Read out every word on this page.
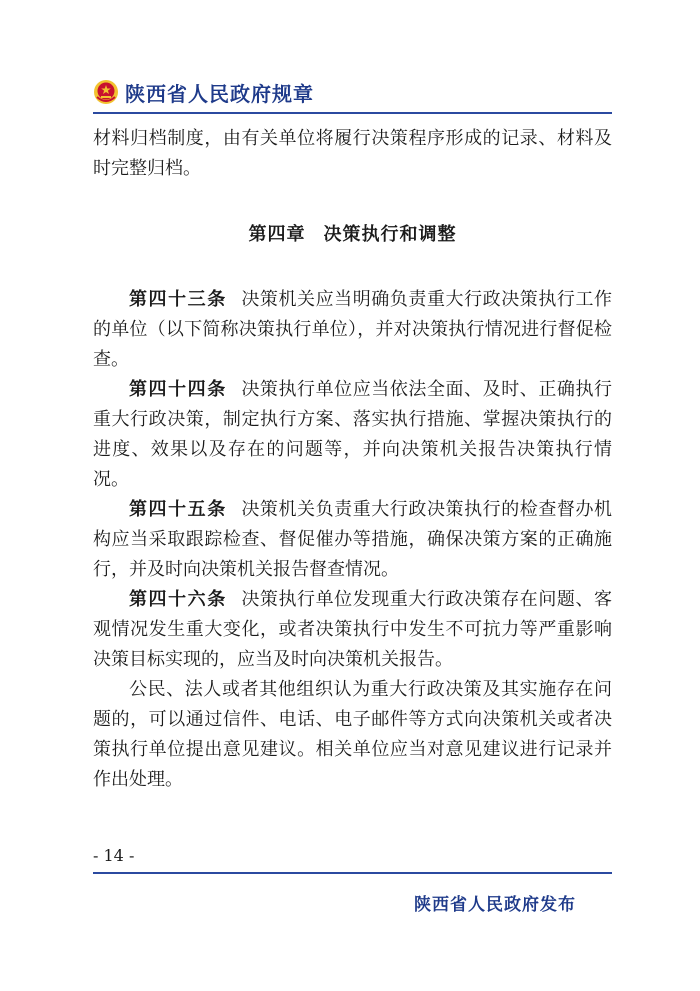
陕西省人民政府规章

材料归档制度，由有关单位将履行决策程序形成的记录、材料及时完整归档。

第四章 决策执行和调整

第四十三条 决策机关应当明确负责重大行政决策执行工作的单位（以下简称决策执行单位），并对决策执行情况进行督促检查。

第四十四条 决策执行单位应当依法全面、及时、正确执行重大行政决策，制定执行方案、落实执行措施、掌握决策执行的进度、效果以及存在的问题等，并向决策机关报告决策执行情况。

第四十五条 决策机关负责重大行政决策执行的检查督办机构应当采取跟踪检查、督促催办等措施，确保决策方案的正确施行，并及时向决策机关报告督查情况。

第四十六条 决策执行单位发现重大行政决策存在问题、客观情况发生重大变化，或者决策执行中发生不可抗力等严重影响决策目标实现的，应当及时向决策机关报告。

公民、法人或者其他组织认为重大行政决策及其实施存在问题的，可以通过信件、电话、电子邮件等方式向决策机关或者决策执行单位提出意见建议。相关单位应当对意见建议进行记录并作出处理。

- 14 -
陕西省人民政府发布
